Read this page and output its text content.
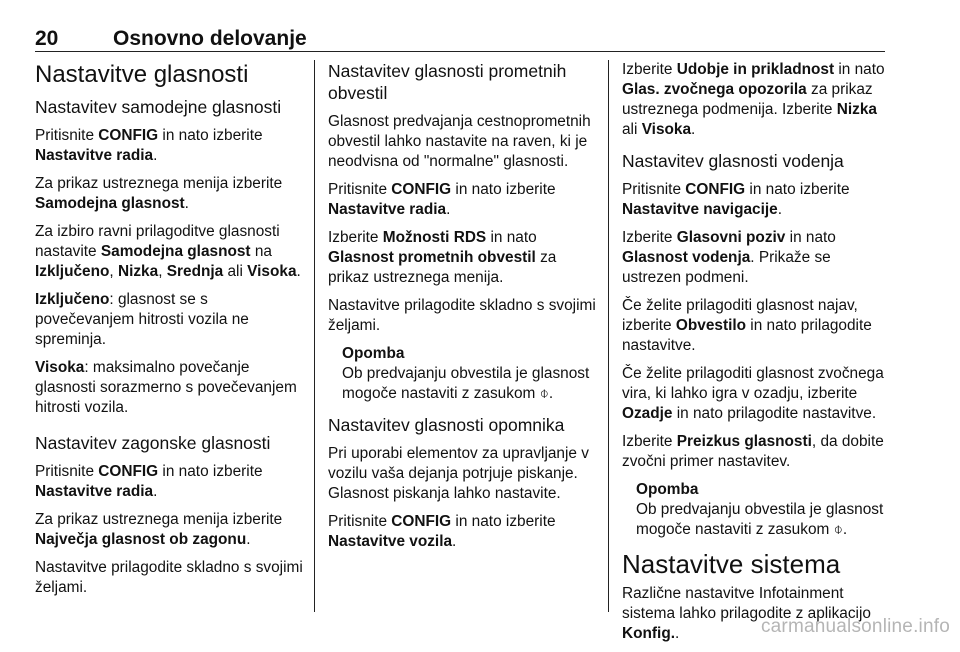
20	Osnovno delovanje
Nastavitve glasnosti
Nastavitev samodejne glasnosti

Pritisnite CONFIG in nato izberite Nastavitve radia.

Za prikaz ustreznega menija izberite Samodejna glasnost.

Za izbiro ravni prilagoditve glasnosti nastavite Samodejna glasnost na Izključeno, Nizka, Srednja ali Visoka.

Izključeno: glasnost se s povečevanjem hitrosti vozila ne spreminja.

Visoka: maksimalno povečanje glasnosti sorazmerno s povečevanjem hitrosti vozila.

Nastavitev zagonske glasnosti

Pritisnite CONFIG in nato izberite Nastavitve radia.

Za prikaz ustreznega menija izberite Največja glasnost ob zagonu.

Nastavitve prilagodite skladno s svojimi željami.

Nastavitev glasnosti prometnih obvestil

Glasnost predvajanja cestnoprometnih obvestil lahko nastavite na raven, ki je neodvisna od "normalne" glasnosti.

Pritisnite CONFIG in nato izberite Nastavitve radia.

Izberite Možnosti RDS in nato Glasnost prometnih obvestil za prikaz ustreznega menija.

Nastavitve prilagodite skladno s svojimi željami.

Opomba
Ob predvajanju obvestila je glasnost mogoče nastaviti z zasukom ⌽.
Nastavitev glasnosti opomnika

Pri uporabi elementov za upravljanje v vozilu vaša dejanja potrjuje piskanje. Glasnost piskanja lahko nastavite.

Pritisnite CONFIG in nato izberite Nastavitve vozila.

Izberite Udobje in prikladnost in nato Glas. zvočnega opozorila za prikaz ustreznega podmenija. Izberite Nizka ali Visoka.

Nastavitev glasnosti vodenja

Pritisnite CONFIG in nato izberite Nastavitve navigacije.

Izberite Glasovni poziv in nato Glasnost vodenja. Prikaže se ustrezen podmeni.

Če želite prilagoditi glasnost najav, izberite Obvestilo in nato prilagodite nastavitve.

Če želite prilagoditi glasnost zvočnega vira, ki lahko igra v ozadju, izberite Ozadje in nato prilagodite nastavitve.

Izberite Preizkus glasnosti, da dobite zvočni primer nastavitev.

Opomba
Ob predvajanju obvestila je glasnost mogoče nastaviti z zasukom ⌽.
Nastavitve sistema

Različne nastavitve Infotainment sistema lahko prilagodite z aplikacijo Konfig..	carmanualsonline.info
